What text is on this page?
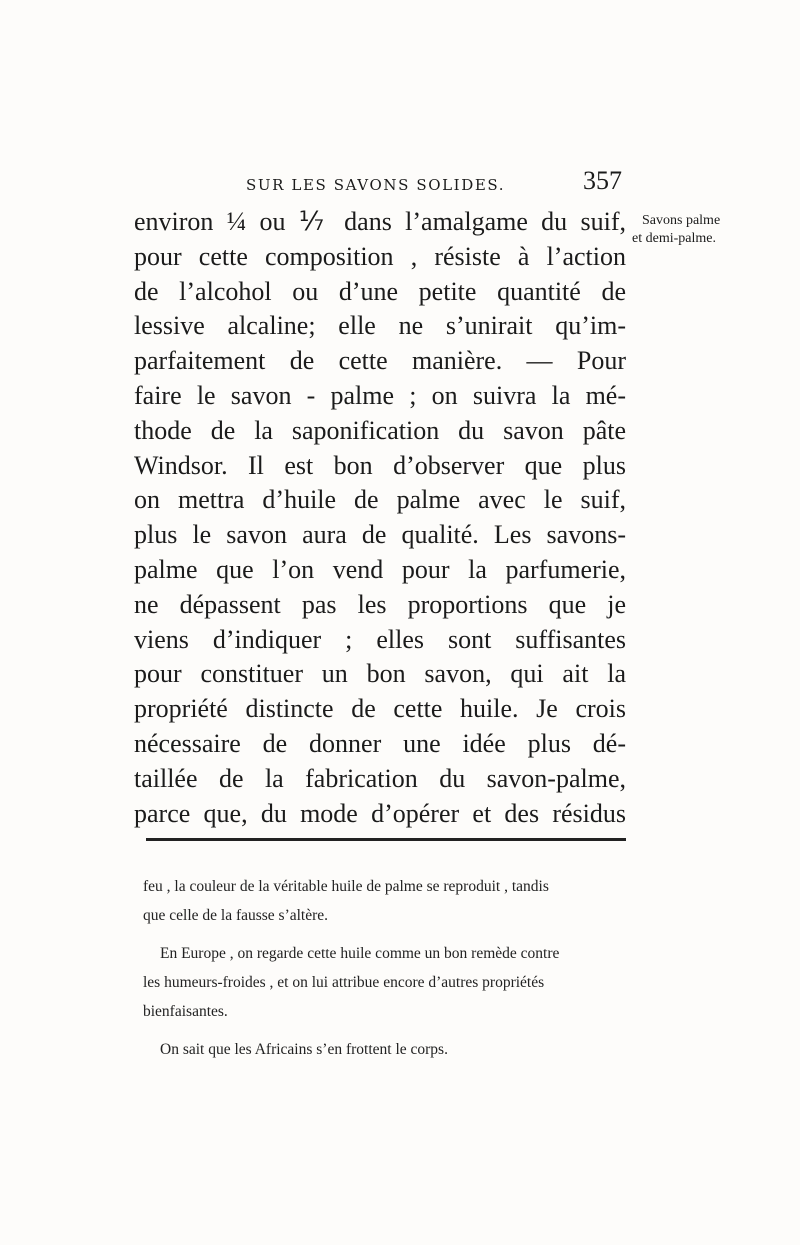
SUR LES SAVONS SOLIDES.	357
Savons palme
et demi-palme.
environ ¼ ou ⅐ dans l’amalgame du suif,
pour cette composition , résiste à l’action
de l’alcohol ou d’une petite quantité de
lessive alcaline; elle ne s’unirait qu’im-
parfaitement de cette manière. — Pour
faire le savon - palme ; on suivra la mé-
thode de la saponification du savon pâte
Windsor. Il est bon d’observer que plus
on mettra d’huile de palme avec le suif,
plus le savon aura de qualité. Les savons-
palme que l’on vend pour la parfumerie,
ne dépassent pas les proportions que je
viens d’indiquer ; elles sont suffisantes
pour constituer un bon savon, qui ait la
propriété distincte de cette huile. Je crois
nécessaire de donner une idée plus dé-
taillée de la fabrication du savon-palme,
parce que, du mode d’opérer et des résidus
feu , la couleur de la véritable huile de palme se reproduit , tandis
que celle de la fausse s’altère.
En Europe , on regarde cette huile comme un bon remède contre
les humeurs-froides , et on lui attribue encore d’autres propriétés
bienfaisantes.
On sait que les Africains s’en frottent le corps.
